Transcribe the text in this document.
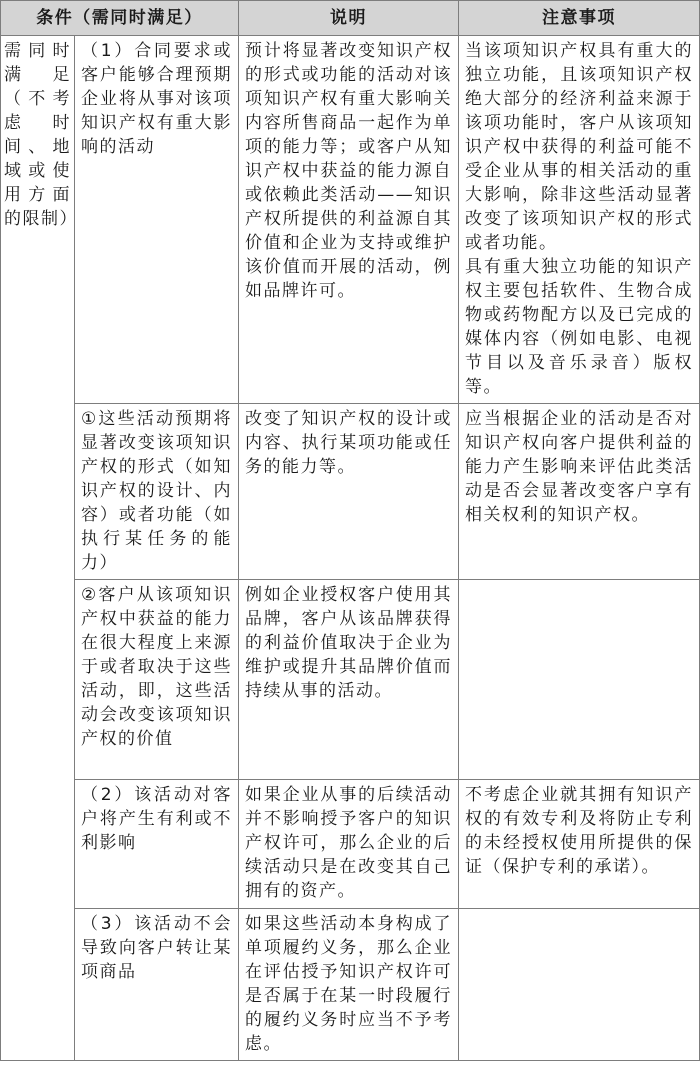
条件（需同时满足）		说明	注意事项
需同时满足（不考虑时间、地域或使用方面的限制）	（1）合同要求或客户能够合理预期企业将从事对该项知识产权有重大影响的活动	预计将显著改变知识产权的形式或功能的活动对该项知识产权有重大影响关内容所售商品一起作为单项的能力等；或客户从知识产权中获益的能力源自或依赖此类活动——知识产权所提供的利益源自其价值和企业为支持或维护该价值而开展的活动，例如品牌许可。	当该项知识产权具有重大的独立功能，且该项知识产权绝大部分的经济利益来源于该项功能时，客户从该项知识产权中获得的利益可能不受企业从事的相关活动的重大影响，除非这些活动显著改变了该项知识产权的形式或者功能。
具有重大独立功能的知识产权主要包括软件、生物合成物或药物配方以及已完成的媒体内容（例如电影、电视节目以及音乐录音）版权等。
	①这些活动预期将显著改变该项知识产权的形式（如知识产权的设计、内容）或者功能（如执行某任务的能力）	改变了知识产权的设计或内容、执行某项功能或任务的能力等。	应当根据企业的活动是否对知识产权向客户提供利益的能力产生影响来评估此类活动是否会显著改变客户享有相关权利的知识产权。
	②客户从该项知识产权中获益的能力在很大程度上来源于或者取决于这些活动，即，这些活动会改变该项知识产权的价值	例如企业授权客户使用其品牌，客户从该品牌获得的利益价值取决于企业为维护或提升其品牌价值而持续从事的活动。	
	（2）该活动对客户将产生有利或不利影响	如果企业从事的后续活动并不影响授予客户的知识产权许可，那么企业的后续活动只是在改变其自己拥有的资产。	不考虑企业就其拥有知识产权的有效专利及将防止专利的未经授权使用所提供的保证（保护专利的承诺）。
	（3）该活动不会导致向客户转让某项商品	如果这些活动本身构成了单项履约义务，那么企业在评估授予知识产权许可是否属于在某一时段履行的履约义务时应当不予考虑。	
